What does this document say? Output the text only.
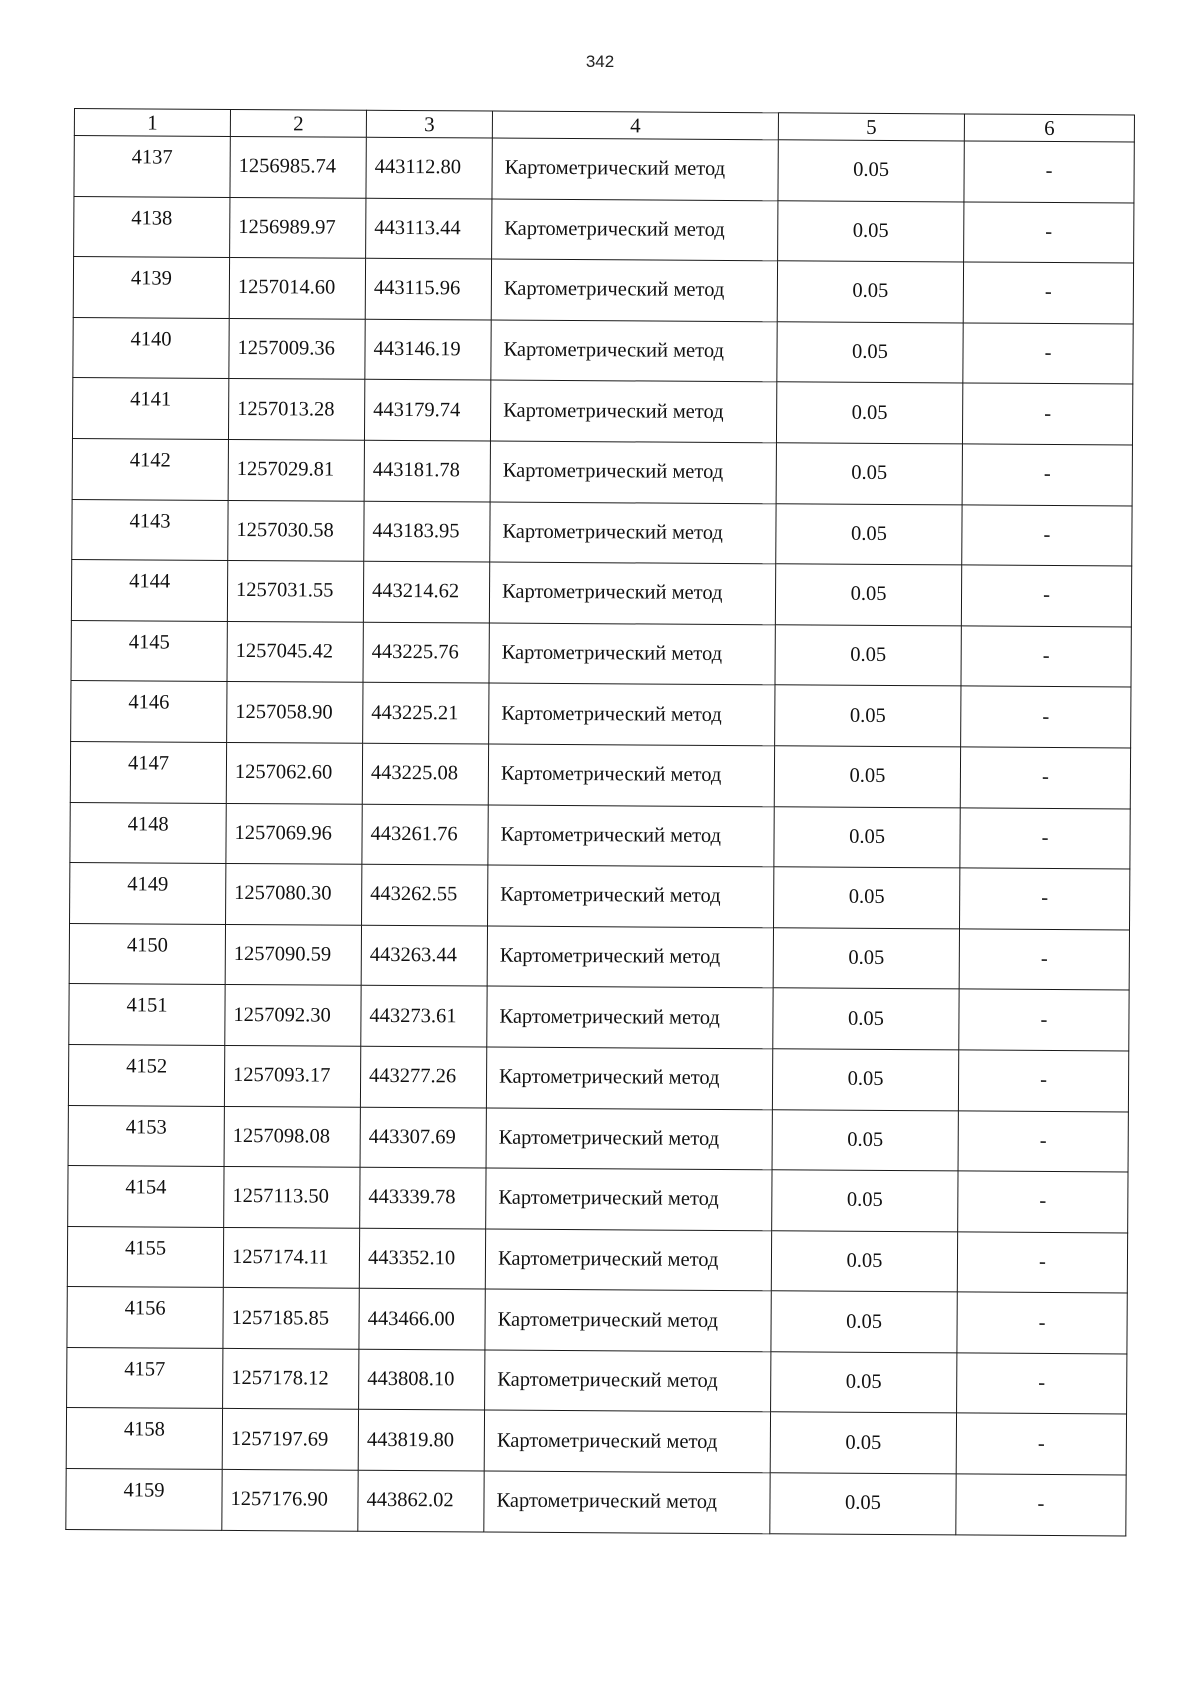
342
1	2	3	4	5	6
4137	1256985.74	443112.80	Картометрический метод	0.05	-
4138	1256989.97	443113.44	Картометрический метод	0.05	-
4139	1257014.60	443115.96	Картометрический метод	0.05	-
4140	1257009.36	443146.19	Картометрический метод	0.05	-
4141	1257013.28	443179.74	Картометрический метод	0.05	-
4142	1257029.81	443181.78	Картометрический метод	0.05	-
4143	1257030.58	443183.95	Картометрический метод	0.05	-
4144	1257031.55	443214.62	Картометрический метод	0.05	-
4145	1257045.42	443225.76	Картометрический метод	0.05	-
4146	1257058.90	443225.21	Картометрический метод	0.05	-
4147	1257062.60	443225.08	Картометрический метод	0.05	-
4148	1257069.96	443261.76	Картометрический метод	0.05	-
4149	1257080.30	443262.55	Картометрический метод	0.05	-
4150	1257090.59	443263.44	Картометрический метод	0.05	-
4151	1257092.30	443273.61	Картометрический метод	0.05	-
4152	1257093.17	443277.26	Картометрический метод	0.05	-
4153	1257098.08	443307.69	Картометрический метод	0.05	-
4154	1257113.50	443339.78	Картометрический метод	0.05	-
4155	1257174.11	443352.10	Картометрический метод	0.05	-
4156	1257185.85	443466.00	Картометрический метод	0.05	-
4157	1257178.12	443808.10	Картометрический метод	0.05	-
4158	1257197.69	443819.80	Картометрический метод	0.05	-
4159	1257176.90	443862.02	Картометрический метод	0.05	-
